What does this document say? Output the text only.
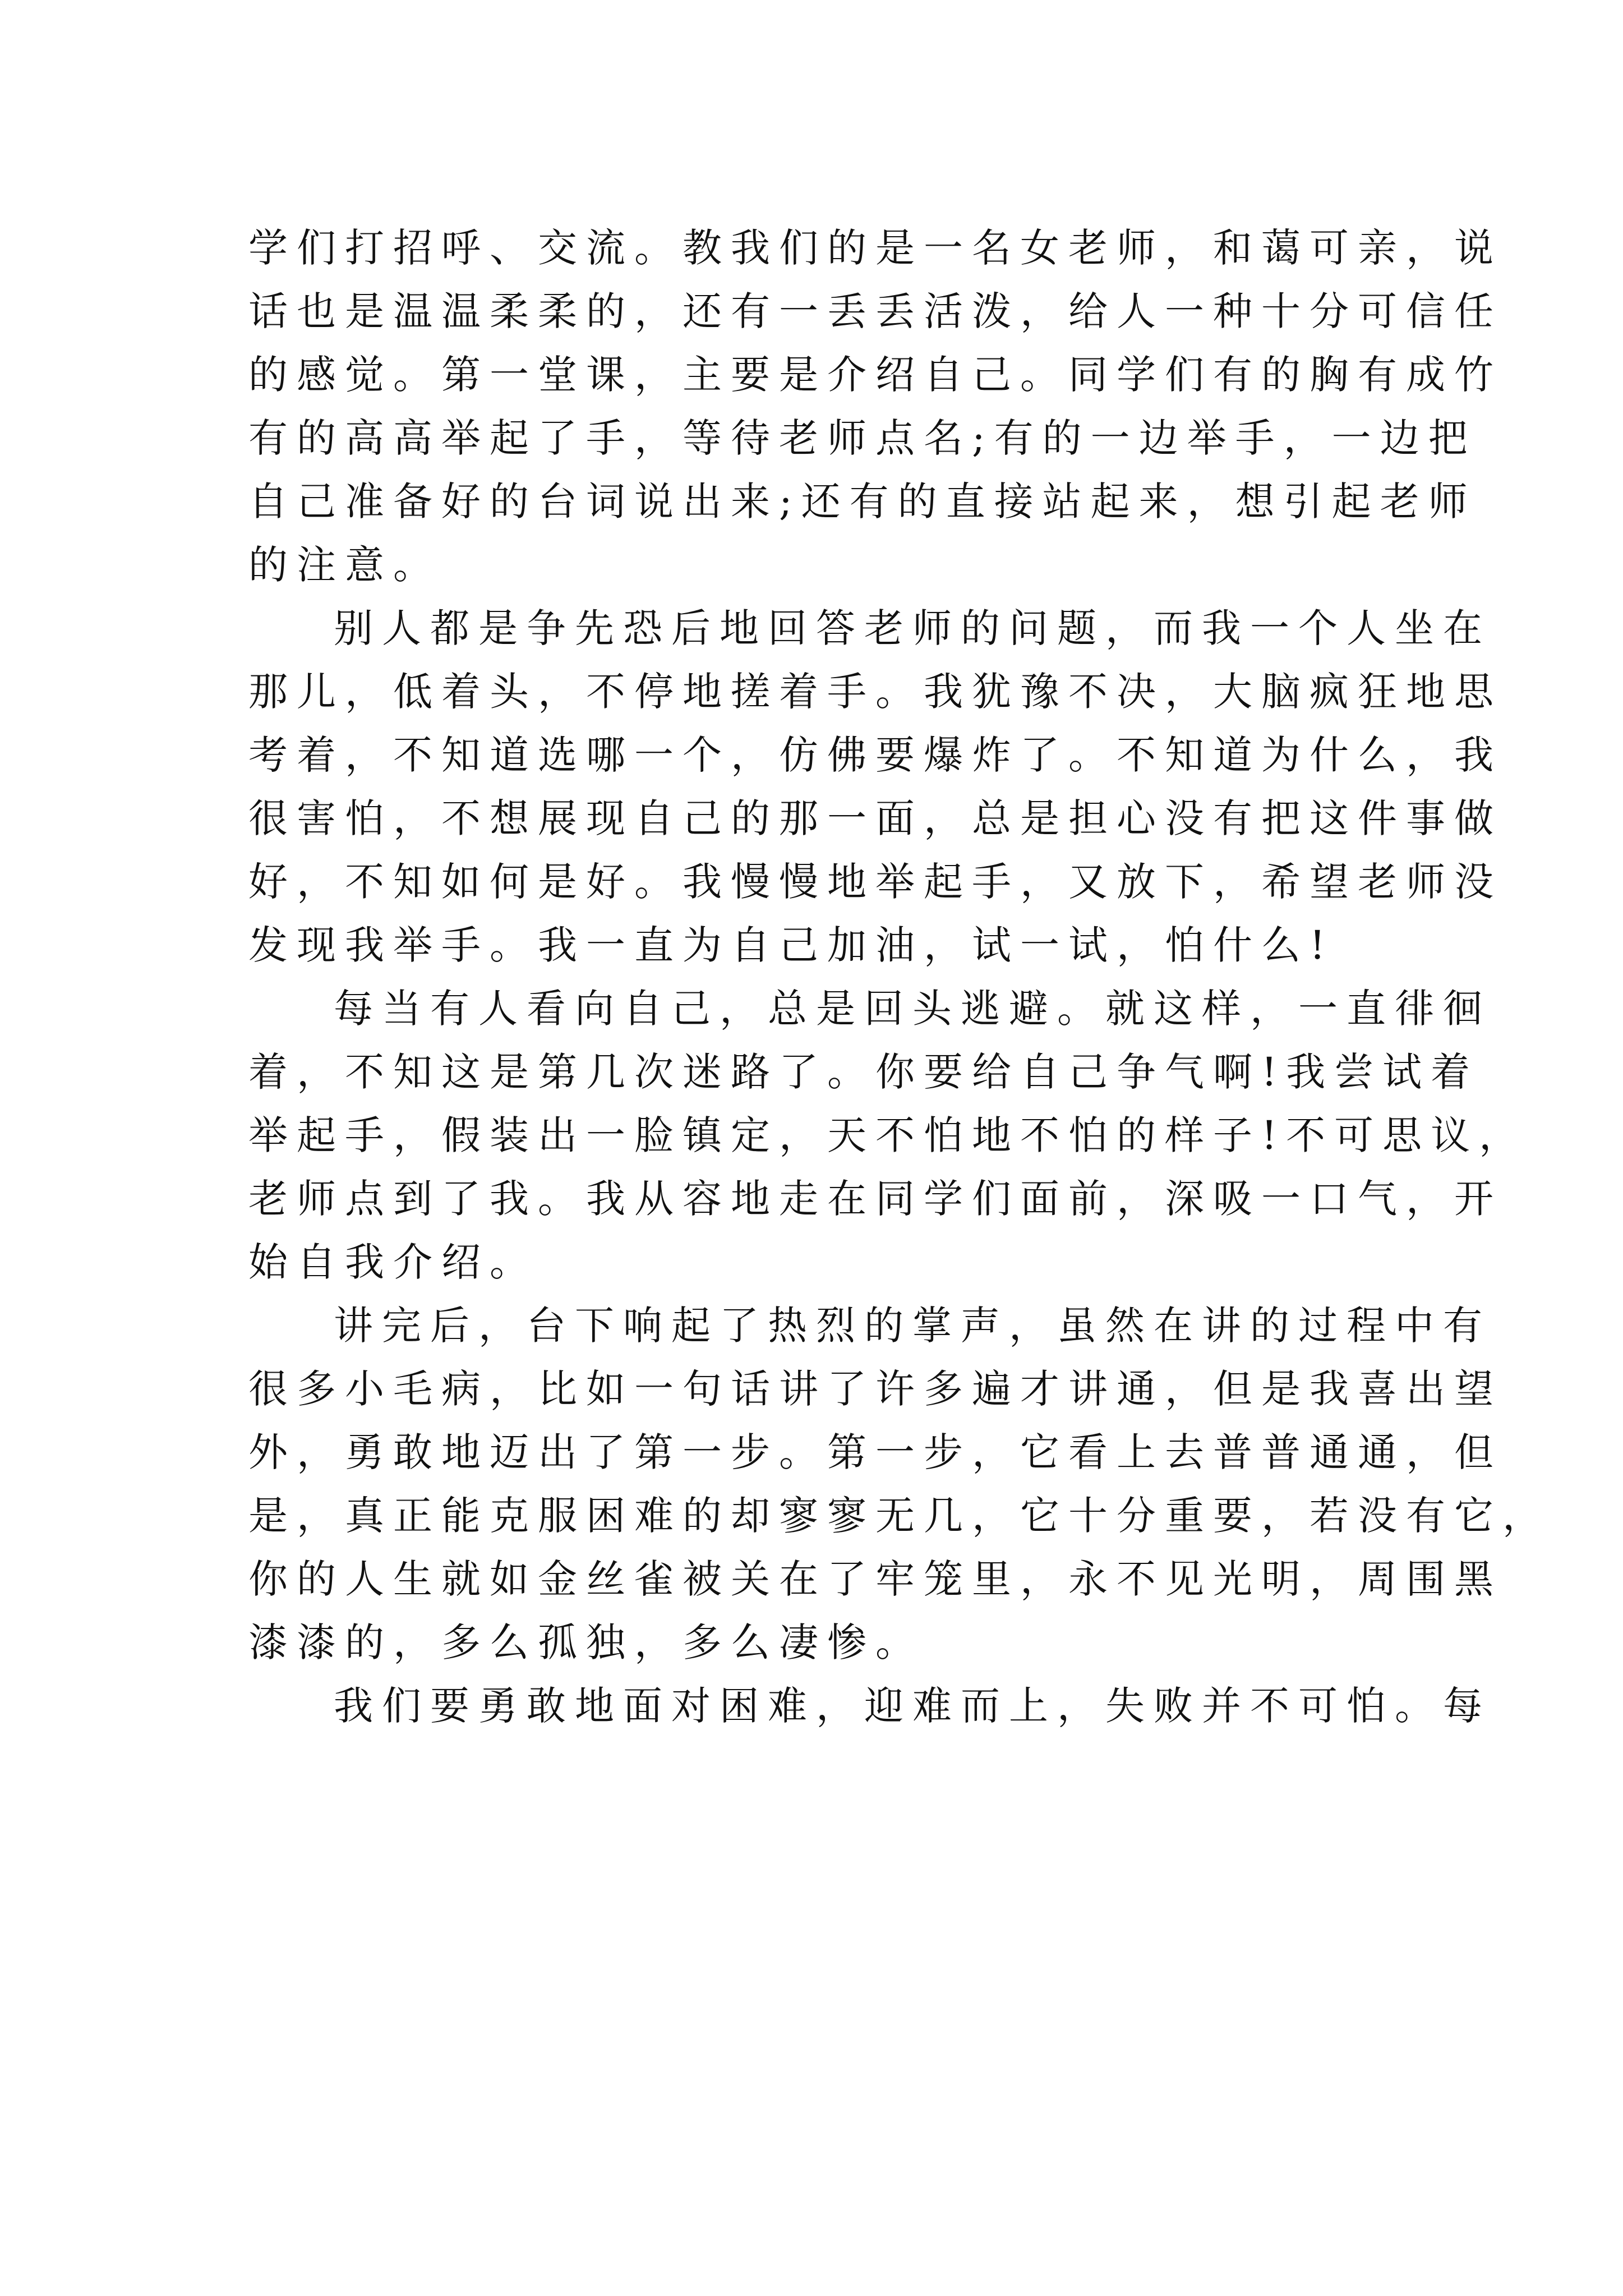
学们打招呼、交流。教我们的是一名女老师，和蔼可亲，说
话也是温温柔柔的，还有一丢丢活泼，给人一种十分可信任
的感觉。第一堂课，主要是介绍自己。同学们有的胸有成竹
有的高高举起了手，等待老师点名;有的一边举手，一边把
自己准备好的台词说出来;还有的直接站起来，想引起老师
的注意。

别人都是争先恐后地回答老师的问题，而我一个人坐在
那儿，低着头，不停地搓着手。我犹豫不决，大脑疯狂地思
考着，不知道选哪一个，仿佛要爆炸了。不知道为什么，我
很害怕，不想展现自己的那一面，总是担心没有把这件事做
好，不知如何是好。我慢慢地举起手，又放下，希望老师没
发现我举手。我一直为自己加油，试一试，怕什么!

每当有人看向自己，总是回头逃避。就这样，一直徘徊
着，不知这是第几次迷路了。你要给自己争气啊!我尝试着
举起手，假装出一脸镇定，天不怕地不怕的样子!不可思议，
老师点到了我。我从容地走在同学们面前，深吸一口气，开
始自我介绍。

讲完后，台下响起了热烈的掌声，虽然在讲的过程中有
很多小毛病，比如一句话讲了许多遍才讲通，但是我喜出望
外，勇敢地迈出了第一步。第一步，它看上去普普通通，但
是，真正能克服困难的却寥寥无几，它十分重要，若没有它，
你的人生就如金丝雀被关在了牢笼里，永不见光明，周围黑
漆漆的，多么孤独，多么凄惨。

我们要勇敢地面对困难，迎难而上，失败并不可怕。每
